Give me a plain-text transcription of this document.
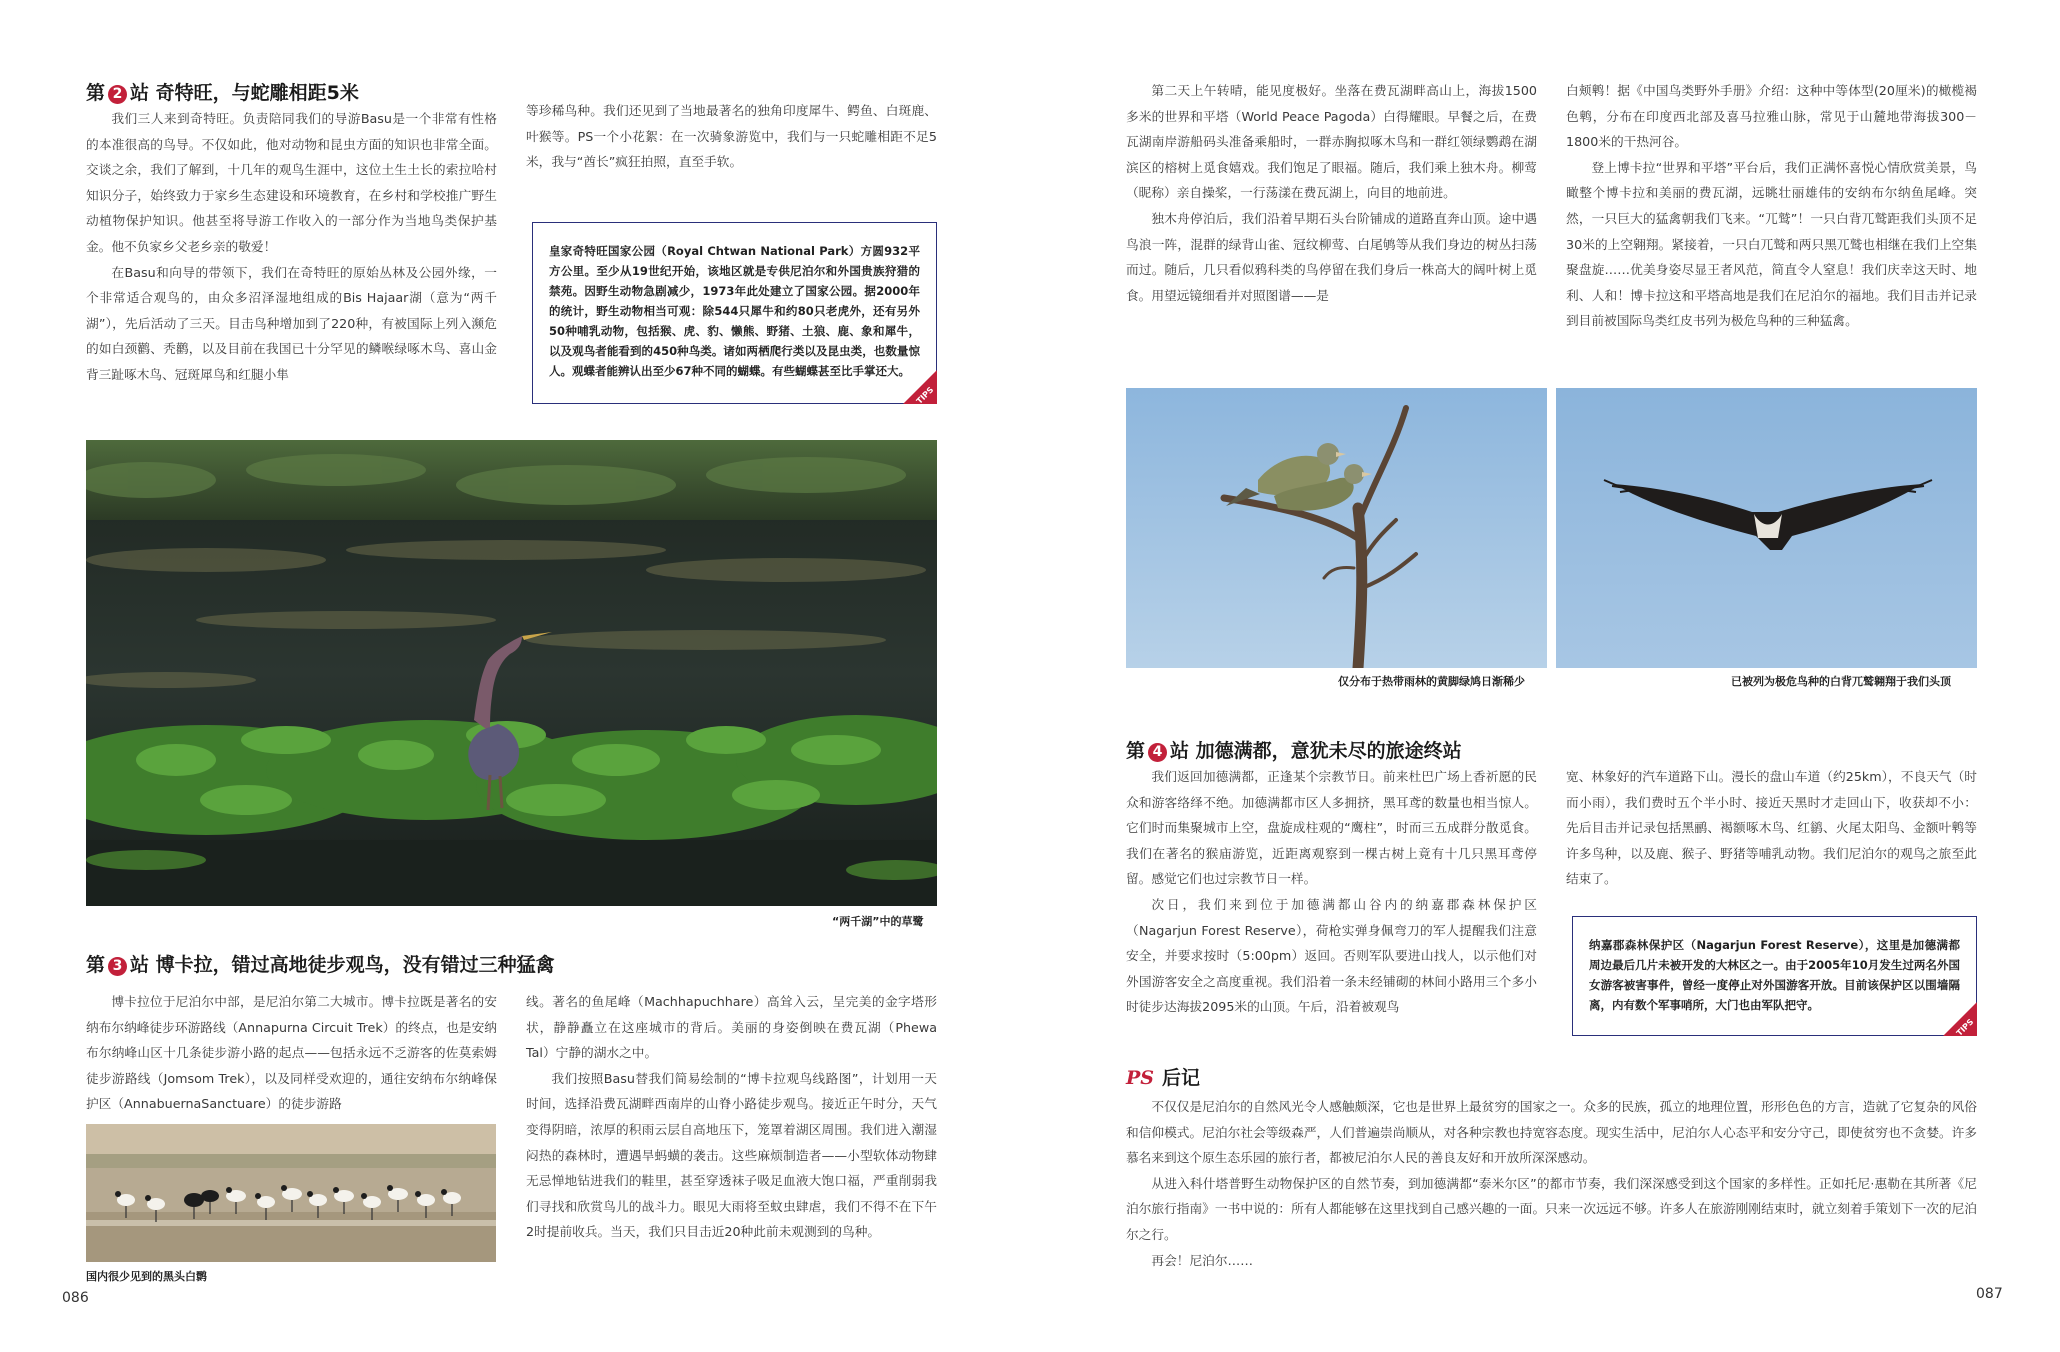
第 2 站 奇特旺，与蛇雕相距5米

我们三人来到奇特旺。负责陪同我们的导游Basu是一个非常有性格的本准很高的鸟导。不仅如此，他对动物和昆虫方面的知识也非常全面。交谈之余，我们了解到，十几年的观鸟生涯中，这位土生土长的索拉哈村知识分子，始终致力于家乡生态建设和环境教育，在乡村和学校推广野生动植物保护知识。他甚至将导游工作收入的一部分作为当地鸟类保护基金。他不负家乡父老乡亲的敬爱！

在Basu和向导的带领下，我们在奇特旺的原始丛林及公园外缘，一个非常适合观鸟的，由众多沼泽湿地组成的Bis Hajaar湖（意为“两千湖”），先后活动了三天。目击鸟种增加到了220种，有被国际上列入濒危的如白颈鹳、秃鹳，以及目前在我国已十分罕见的鳞喉绿啄木鸟、喜山金背三趾啄木鸟、冠斑犀鸟和红腿小隼

等珍稀鸟种。我们还见到了当地最著名的独角印度犀牛、鳄鱼、白斑鹿、叶猴等。PS一个小花絮：在一次骑象游览中，我们与一只蛇雕相距不足5米，我与“酋长”疯狂拍照，直至手软。

皇家奇特旺国家公园（Royal Chtwan National Park）方圆932平方公里。至少从19世纪开始，该地区就是专供尼泊尔和外国贵族狩猎的禁苑。因野生动物急剧减少，1973年此处建立了国家公园。据2000年的统计，野生动物相当可观：除544只犀牛和约80只老虎外，还有另外50种哺乳动物，包括猴、虎、豹、懒熊、野猪、土狼、鹿、象和犀牛，以及观鸟者能看到的450种鸟类。诸如两栖爬行类以及昆虫类，也数量惊人。观蝶者能辨认出至少67种不同的蝴蝶。有些蝴蝶甚至比手掌还大。
TIPS
“两千湖”中的草鹭
第 3 站 博卡拉，错过高地徒步观鸟，没有错过三种猛禽

博卡拉位于尼泊尔中部，是尼泊尔第二大城市。博卡拉既是著名的安纳布尔纳峰徒步环游路线（Annapurna Circuit Trek）的终点，也是安纳布尔纳峰山区十几条徒步游小路的起点——包括永远不乏游客的佐莫索姆徒步游路线（Jomsom Trek），以及同样受欢迎的，通往安纳布尔纳峰保护区（AnnabuernaSanctuare）的徒步游路

线。著名的鱼尾峰（Machhapuchhare）高耸入云，呈完美的金字塔形状，静静矗立在这座城市的背后。美丽的身姿倒映在费瓦湖（Phewa Tal）宁静的湖水之中。

我们按照Basu替我们简易绘制的“博卡拉观鸟线路图”，计划用一天时间，选择沿费瓦湖畔西南岸的山脊小路徒步观鸟。接近正午时分，天气变得阴暗，浓厚的积雨云层自高地压下，笼罩着湖区周围。我们进入潮湿闷热的森林时，遭遇旱蚂蟥的袭击。这些麻烦制造者——小型软体动物肆无忌惮地钻进我们的鞋里，甚至穿透袜子吸足血液大饱口福，严重削弱我们寻找和欣赏鸟儿的战斗力。眼见大雨将至蚊虫肆虐，我们不得不在下午2时提前收兵。当天，我们只目击近20种此前未观测到的鸟种。

国内很少见到的黑头白鹮
086

第二天上午转晴，能见度极好。坐落在费瓦湖畔高山上，海拔1500多米的世界和平塔（World Peace Pagoda）白得耀眼。早餐之后，在费瓦湖南岸游船码头准备乘船时，一群赤胸拟啄木鸟和一群红领绿鹦鹉在湖滨区的榕树上觅食嬉戏。我们饱足了眼福。随后，我们乘上独木舟。柳莺（昵称）亲自操桨，一行荡漾在费瓦湖上，向目的地前进。

独木舟停泊后，我们沿着早期石头台阶铺成的道路直奔山顶。途中遇鸟浪一阵，混群的绿背山雀、冠纹柳莺、白尾鸲等从我们身边的树丛扫荡而过。随后，几只看似鸦科类的鸟停留在我们身后一株高大的阔叶树上觅食。用望远镜细看并对照图谱——是

白颊鹎！据《中国鸟类野外手册》介绍：这种中等体型(20厘米)的橄榄褐色鹎，分布在印度西北部及喜马拉雅山脉，常见于山麓地带海拔300－1800米的干热河谷。

登上博卡拉“世界和平塔”平台后，我们正满怀喜悦心情欣赏美景，鸟瞰整个博卡拉和美丽的费瓦湖，远眺壮丽雄伟的安纳布尔纳鱼尾峰。突然，一只巨大的猛禽朝我们飞来。“兀鹫”！一只白背兀鹫距我们头顶不足30米的上空翱翔。紧接着，一只白兀鹫和两只黑兀鹫也相继在我们上空集聚盘旋……优美身姿尽显王者风范，简直令人窒息！我们庆幸这天时、地利、人和！博卡拉这和平塔高地是我们在尼泊尔的福地。我们目击并记录到目前被国际鸟类红皮书列为极危鸟种的三种猛禽。

仅分布于热带雨林的黄脚绿鸠日渐稀少	已被列为极危鸟种的白背兀鹫翱翔于我们头顶
第 4 站 加德满都，意犹未尽的旅途终站

我们返回加德满都，正逢某个宗教节日。前来杜巴广场上香祈愿的民众和游客络绎不绝。加德满都市区人多拥挤，黑耳鸢的数量也相当惊人。它们时而集聚城市上空，盘旋成柱观的“鹰柱”，时而三五成群分散觅食。我们在著名的猴庙游览，近距离观察到一棵古树上竟有十几只黑耳鸢停留。感觉它们也过宗教节日一样。

次日，我们来到位于加德满都山谷内的纳嘉郡森林保护区（Nagarjun Forest Reserve），荷枪实弹身佩弯刀的军人提醒我们注意安全，并要求按时（5:00pm）返回。否则军队要进山找人，以示他们对外国游客安全之高度重视。我们沿着一条未经铺砌的林间小路用三个多小时徒步达海拔2095米的山顶。午后，沿着被观鸟

宽、林象好的汽车道路下山。漫长的盘山车道（约25km），不良天气（时而小雨），我们费时五个半小时、接近天黑时才走回山下，收获却不小：先后目击并记录包括黑鹂、褐额啄木鸟、红鹟、火尾太阳鸟、金额叶鹎等许多鸟种，以及鹿、猴子、野猪等哺乳动物。我们尼泊尔的观鸟之旅至此结束了。

纳嘉郡森林保护区（Nagarjun Forest Reserve），这里是加德满都周边最后几片未被开发的大林区之一。由于2005年10月发生过两名外国女游客被害事件，曾经一度停止对外国游客开放。目前该保护区以围墙隔离，内有数个军事哨所，大门也由军队把守。
TIPS
PS 后记

不仅仅是尼泊尔的自然风光令人感触颇深，它也是世界上最贫穷的国家之一。众多的民族，孤立的地理位置，形形色色的方言，造就了它复杂的风俗和信仰模式。尼泊尔社会等级森严，人们普遍崇尚顺从，对各种宗教也持宽容态度。现实生活中，尼泊尔人心态平和安分守己，即使贫穷也不贪婪。许多慕名来到这个原生态乐园的旅行者，都被尼泊尔人民的善良友好和开放所深深感动。

从进入科什塔普野生动物保护区的自然节奏，到加德满都“泰米尔区”的都市节奏，我们深深感受到这个国家的多样性。正如托尼·惠勒在其所著《尼泊尔旅行指南》一书中说的：所有人都能够在这里找到自己感兴趣的一面。只来一次远远不够。许多人在旅游刚刚结束时，就立刻着手策划下一次的尼泊尔之行。

再会！尼泊尔……

087
